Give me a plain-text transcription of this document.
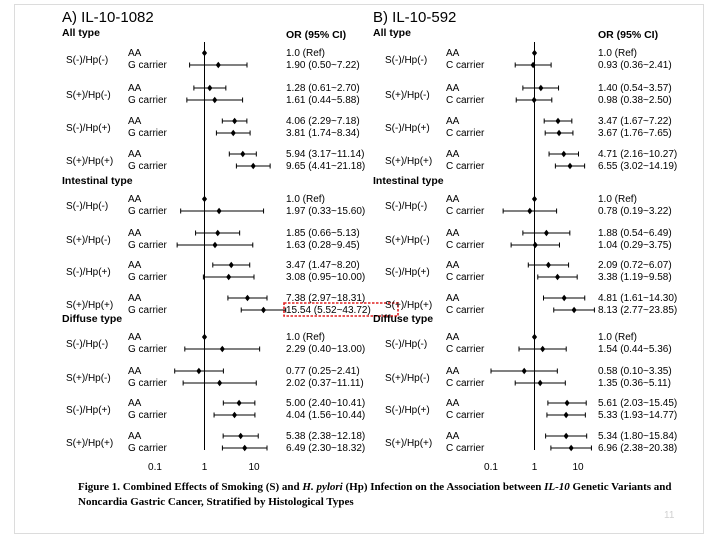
A) IL-10-1082
OR (95% CI)
0.1	1	10
All type
S(-)/Hp(-)
AA	1.0 (Ref)
G carrier	1.90 (0.50~7.22)
S(+)/Hp(-)
AA	1.28 (0.61~2.70)
G carrier	1.61 (0.44~5.88)
S(-)/Hp(+)
AA	4.06 (2.29~7.18)
G carrier	3.81 (1.74~8.34)
S(+)/Hp(+)
AA	5.94 (3.17~11.14)
G carrier	9.65 (4.41~21.18)
Intestinal type
S(-)/Hp(-)
AA	1.0 (Ref)
G carrier	1.97 (0.33~15.60)
S(+)/Hp(-)
AA	1.85 (0.66~5.13)
G carrier	1.63 (0.28~9.45)
S(-)/Hp(+)
AA	3.47 (1.47~8.20)
G carrier	3.08 (0.95~10.00)
S(+)/Hp(+)
AA	7.38 (2.97~18.31)
G carrier	15.54 (5.52~43.72)
Diffuse type
S(-)/Hp(-)
AA	1.0 (Ref)
G carrier	2.29 (0.40~13.00)
S(+)/Hp(-)
AA	0.77 (0.25~2.41)
G carrier	2.02 (0.37~11.11)
S(-)/Hp(+)
AA	5.00 (2.40~10.41)
G carrier	4.04 (1.56~10.44)
S(+)/Hp(+)
AA	5.38 (2.38~12.18)
G carrier	6.49 (2.30~18.32)
B) IL-10-592
OR (95% CI)
0.1	1	10
All type
S(-)/Hp(-)
AA	1.0 (Ref)
C carrier	0.93 (0.36~2.41)
S(+)/Hp(-)
AA	1.40 (0.54~3.57)
C carrier	0.98 (0.38~2.50)
S(-)/Hp(+)
AA	3.47 (1.67~7.22)
C carrier	3.67 (1.76~7.65)
S(+)/Hp(+)
AA	4.71 (2.16~10.27)
C carrier	6.55 (3.02~14.19)
Intestinal type
S(-)/Hp(-)
AA	1.0 (Ref)
C carrier	0.78 (0.19~3.22)
S(+)/Hp(-)
AA	1.88 (0.54~6.49)
C carrier	1.04 (0.29~3.75)
S(-)/Hp(+)
AA	2.09 (0.72~6.07)
C carrier	3.38 (1.19~9.58)
S(+)/Hp(+)
AA	4.81 (1.61~14.30)
C carrier	8.13 (2.77~23.85)
Diffuse type
S(-)/Hp(-)
AA	1.0 (Ref)
C carrier	1.54 (0.44~5.36)
S(+)/Hp(-)
AA	0.58 (0.10~3.35)
C carrier	1.35 (0.36~5.11)
S(-)/Hp(+)
AA	5.61 (2.03~15.45)
C carrier	5.33 (1.93~14.77)
S(+)/Hp(+)
AA	5.34 (1.80~15.84)
C carrier	6.96 (2.38~20.38)
Figure 1. Combined Effects of Smoking (S) and H. pylori (Hp) Infection on the Association between IL-10 Genetic Variants and Noncardia Gastric Cancer, Stratified by Histological Types
11
